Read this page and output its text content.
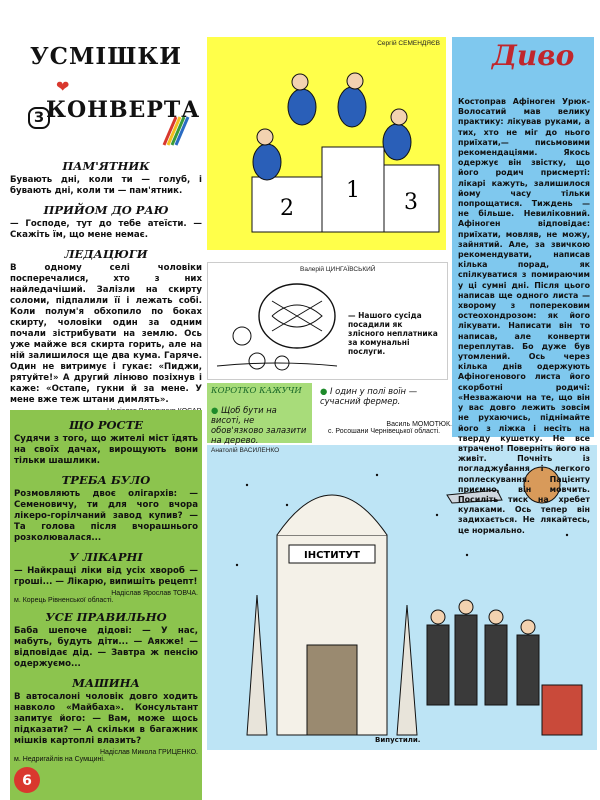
УСМІШКИ
❤
З КОНВЕРТА
ПАМ'ЯТНИК
Бувають дні, коли ти — голуб, і бувають дні, коли ти — пам'ятник.
ПРИЙОМ ДО РАЮ
— Господе, тут до тебе атеїсти. — Скажіть їм, що мене немає.
ЛЕДАЦЮГИ
В одному селі чоловіки посперечалися, хто з них найледачіший. Залізли на скирту соломи, підпалили її і лежать собі. Коли полум'я обхопило по боках скирту, чоловіки один за одним почали зістрибувати на землю. Ось уже майже вся скирта горить, але на ній залишилося ще два кума. Гаряче. Один не витримує і гукає: «Пиджи, рятуйте!» А другий лінюво позіхнув і каже: «Остапе, гукни й за мене. У мене вже теж штани димлять».
ЩО РОСТЕ
Судячи з того, що жителі міст їдять на своїх дачах, вирощують вони тільки шашлики.
ТРЕБА БУЛО
Розмовляють двоє олігархів: — Семеновичу, ти для чого вчора лікеро-горілчаний завод купив? — Та голова після вчорашнього розколювалася...
У ЛІКАРНІ
— Найкращі ліки від усіх хвороб — гроші... — Лікарю, випишіть рецепт!
Надіслав Ярослав ТОВЧА.
м. Корець Рівненської області.
УСЕ ПРАВИЛЬНО
Баба шепоче дідові: — У нас, мабуть, будуть діти... — Аякже! — відповідає дід. — Завтра ж пенсію одержуємо...
МАШИНА
В автосалоні чоловік довго ходить навколо «Майбаха». Консультант запитує його: — Вам, може щось підказати? — А скільки в багажник мішків картоплі влазить?
Надіслав Микола ГРИЦЕНКО.
м. Недригайлів на Сумщині.
Сергій СЕМЕНДЯЄВ
1
2	3
Валерій ЦИНГАЇВСЬКИЙ
— Нашого сусіда посадили як злісного неплатника за комунальні послуги.
КОРОТКО КАЖУЧИ
● Щоб бути на висоті, не обов'язково залазити на дерево.
● І один у полі воїн — сучасний фермер.
Василь МОМОТЮК.
с. Росошани Чернівецької області.
Анатолій ВАСИЛЕНКО
ІНСТИТУТ
Випустили.
Диво
Костоправ Афіноген Урюк-Волосатий мав велику практику: лікував руками, а тих, хто не міг до нього приїхати,— письмовими рекомендаціями. Якось одержує він звістку, що його родич присмертi: лікарі кажуть, залишилося йому часу тільки попрощатися. Тиждень — не більше. Невиліковний. Афіноген відповідає: приїхати, мовляв, не можу, зайнятий. Але, за звичкою рекомендувати, написав кілька порад, як спілкуватися з помираючим у ці сумні дні. Після цього написав ще одного листа — хворому з поперековим остеохондрозом: як його лікувати. Написати він то написав, але конверти переплутав. Бо дуже був утомлений. Ось через кілька днів одержують Афіногенового листа його скорботні родичі: «Незважаючи на те, що він у вас довго лежить зовсім не рухаючись, піднімайте його з ліжка і несіть на тверду кушетку. Не все втрачено! Поверніть його на живіт. Почніть із погладжування і легкого поплескування. Пацієнту приємно, він мовчить. Посиліть тиск на хребет кулаками. Ось тепер він задихається. Не лякайтесь, це нормально.
6
